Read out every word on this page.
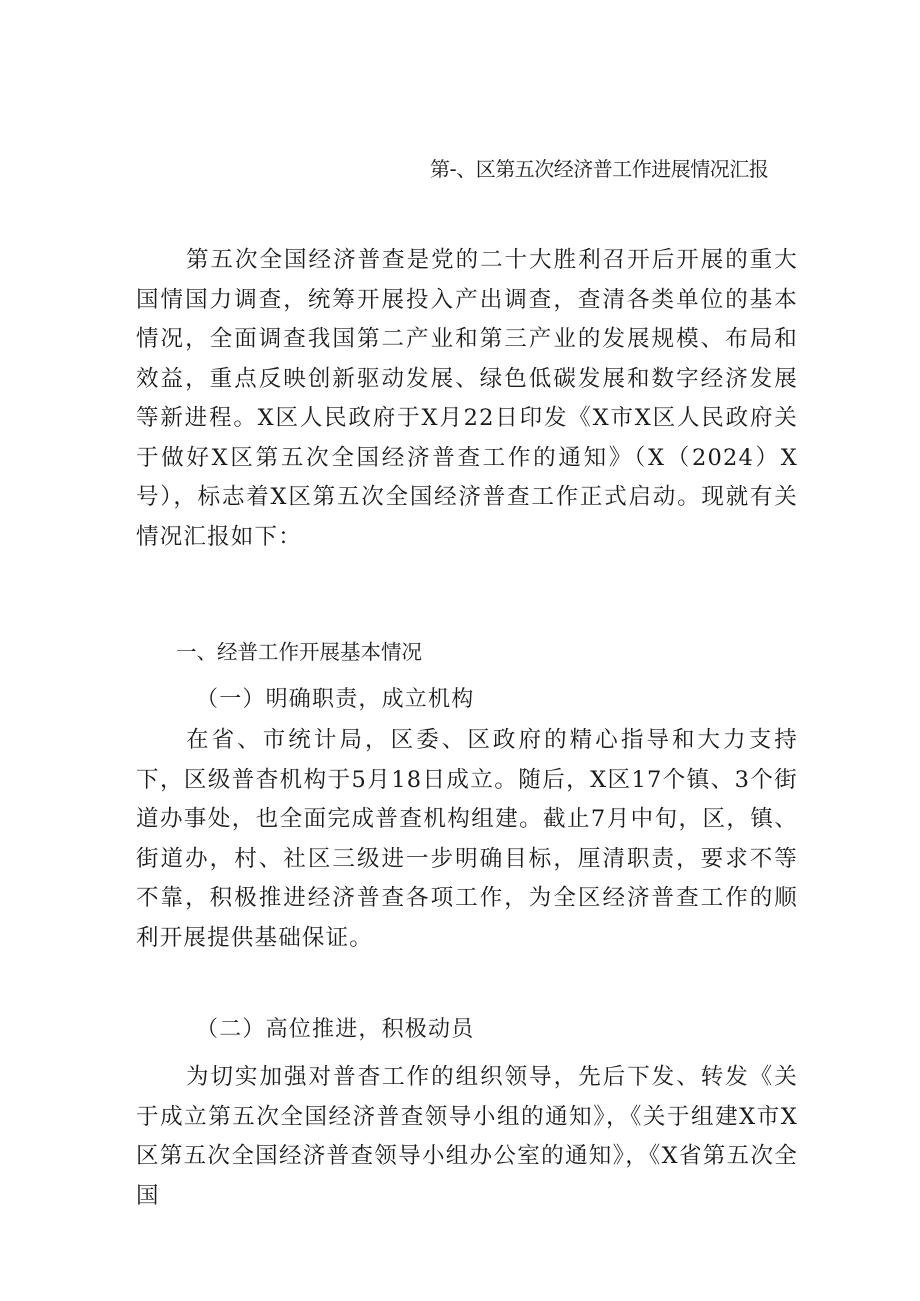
第-、区第五次经济普工作进展情况汇报

第五次全国经济普查是党的二十大胜利召开后开展的重大国情国力调查，统筹开展投入产出调查，查清各类单位的基本情况，全面调查我国第二产业和第三产业的发展规模、布局和效益，重点反映创新驱动发展、绿色低碳发展和数字经济发展等新进程。X区人民政府于X月22日印发《X市X区人民政府关于做好X区第五次全国经济普查工作的通知》（X（2024）X号），标志着X区第五次全国经济普查工作正式启动。现就有关情况汇报如下：

一、经普工作开展基本情况
（一）明确职责，成立机构

在省、市统计局，区委、区政府的精心指导和大力支持下，区级普杳机构于5月18日成立。随后，X区17个镇、3个街道办事处，也全面完成普查机构组建。截止7月中旬，区，镇、街道办，村、社区三级进一步明确目标，厘清职责，要求不等不靠，积极推进经济普查各项工作，为全区经济普查工作的顺利开展提供基础保证。

（二）高位推进，积极动员

为切实加强对普杳工作的组织领导，先后下发、转发《关于成立第五次全国经济普查领导小组的通知》，《关于组建X市X区第五次全国经济普查领导小组办公室的通知》，《X省第五次全国
